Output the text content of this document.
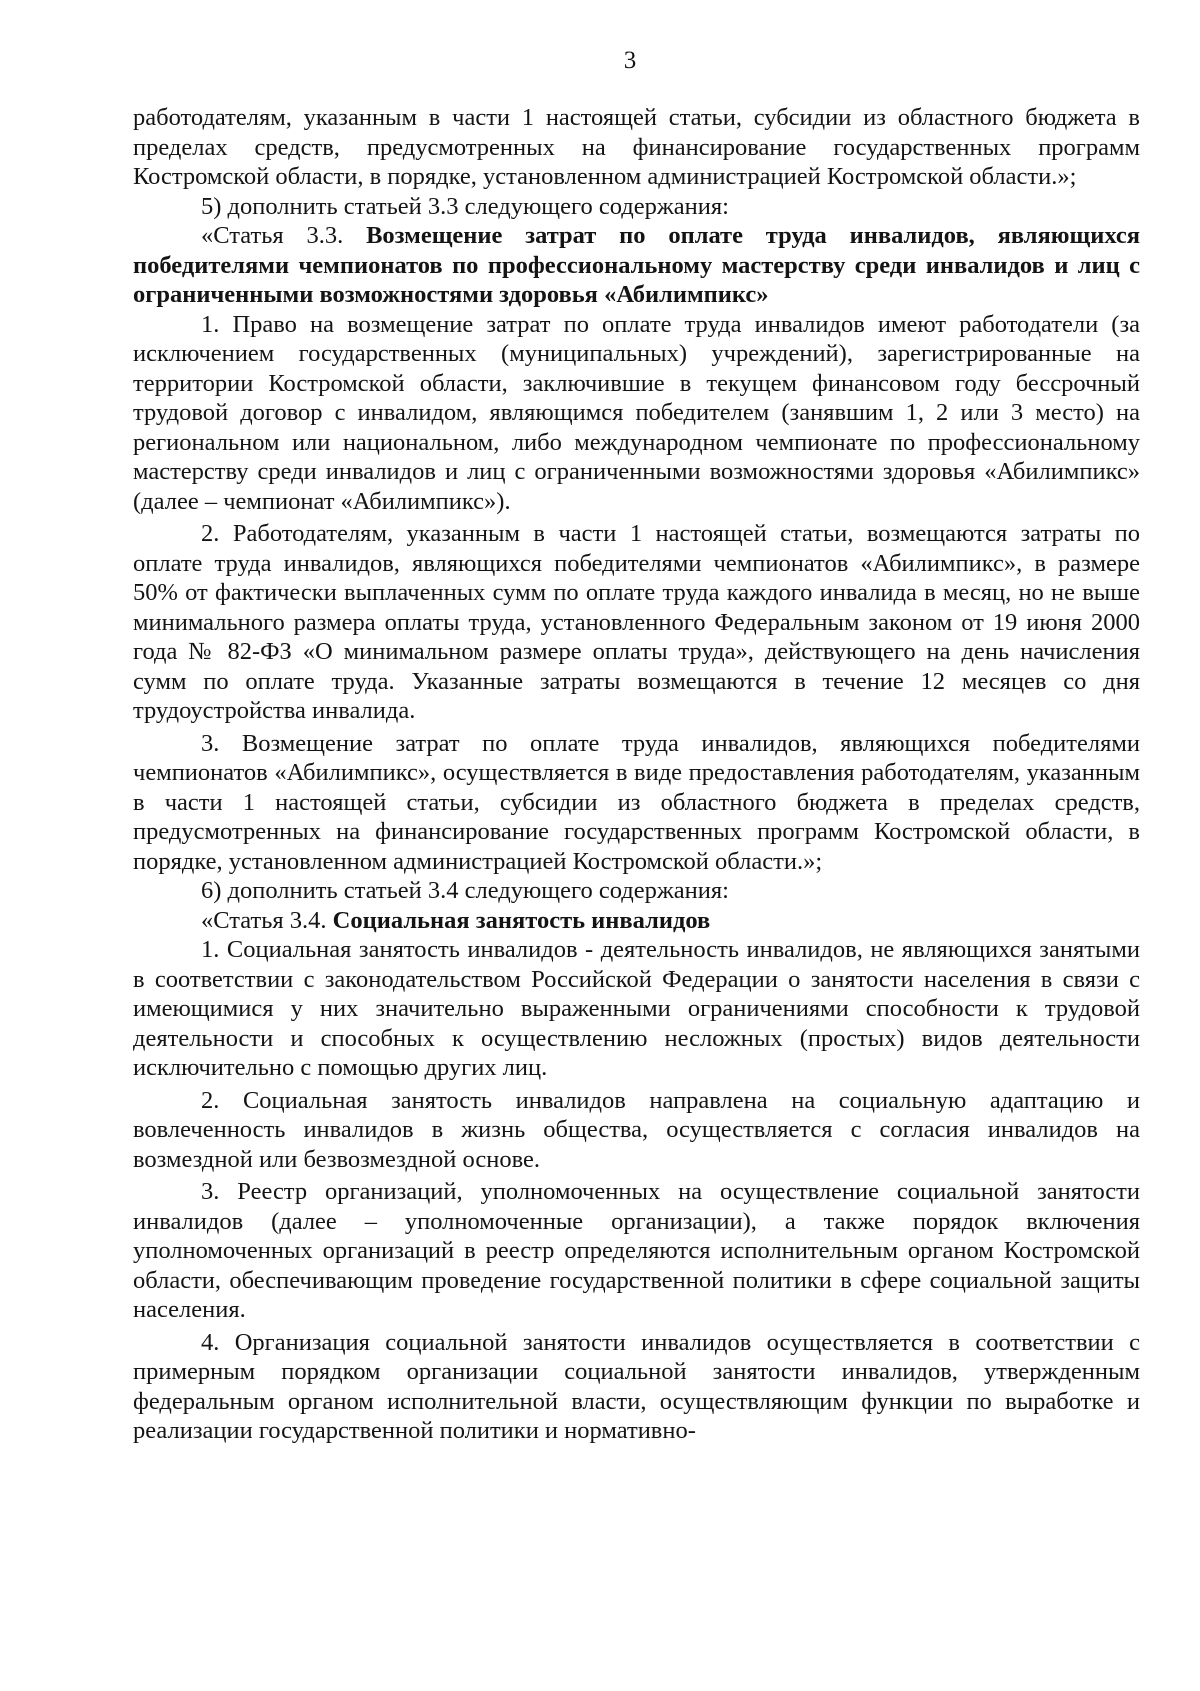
3

работодателям, указанным в части 1 настоящей статьи, субсидии из областного бюджета в пределах средств, предусмотренных на финансирование государственных программ Костромской области, в порядке, установленном администрацией Костромской области.»;

5) дополнить статьей 3.3 следующего содержания:

«Статья 3.3. Возмещение затрат по оплате труда инвалидов, являющихся победителями чемпионатов по профессиональному мастерству среди инвалидов и лиц с ограниченными возможностями здоровья «Абилимпикс»

1. Право на возмещение затрат по оплате труда инвалидов имеют работодатели (за исключением государственных (муниципальных) учреждений), зарегистрированные на территории Костромской области, заключившие в текущем финансовом году бессрочный трудовой договор с инвалидом, являющимся победителем (занявшим 1, 2 или 3 место) на региональном или национальном, либо международном чемпионате по профессиональному мастерству среди инвалидов и лиц с ограниченными возможностями здоровья «Абилимпикс» (далее – чемпионат «Абилимпикс»).

2. Работодателям, указанным в части 1 настоящей статьи, возмещаются затраты по оплате труда инвалидов, являющихся победителями чемпионатов «Абилимпикс», в размере 50% от фактически выплаченных сумм по оплате труда каждого инвалида в месяц, но не выше минимального размера оплаты труда, установленного Федеральным законом от 19 июня 2000 года № 82-ФЗ «О минимальном размере оплаты труда», действующего на день начисления сумм по оплате труда. Указанные затраты возмещаются в течение 12 месяцев со дня трудоустройства инвалида.

3. Возмещение затрат по оплате труда инвалидов, являющихся победителями чемпионатов «Абилимпикс», осуществляется в виде предоставления работодателям, указанным в части 1 настоящей статьи, субсидии из областного бюджета в пределах средств, предусмотренных на финансирование государственных программ Костромской области, в порядке, установленном администрацией Костромской области.»;

6) дополнить статьей 3.4 следующего содержания:

«Статья 3.4. Социальная занятость инвалидов

1. Социальная занятость инвалидов - деятельность инвалидов, не являющихся занятыми в соответствии с законодательством Российской Федерации о занятости населения в связи с имеющимися у них значительно выраженными ограничениями способности к трудовой деятельности и способных к осуществлению несложных (простых) видов деятельности исключительно с помощью других лиц.

2. Социальная занятость инвалидов направлена на социальную адаптацию и вовлеченность инвалидов в жизнь общества, осуществляется с согласия инвалидов на возмездной или безвозмездной основе.

3. Реестр организаций, уполномоченных на осуществление социальной занятости инвалидов (далее – уполномоченные организации), а также порядок включения уполномоченных организаций в реестр определяются исполнительным органом Костромской области, обеспечивающим проведение государственной политики в сфере социальной защиты населения.

4. Организация социальной занятости инвалидов осуществляется в соответствии с примерным порядком организации социальной занятости инвалидов, утвержденным федеральным органом исполнительной власти, осуществляющим функции по выработке и реализации государственной политики и нормативно-
